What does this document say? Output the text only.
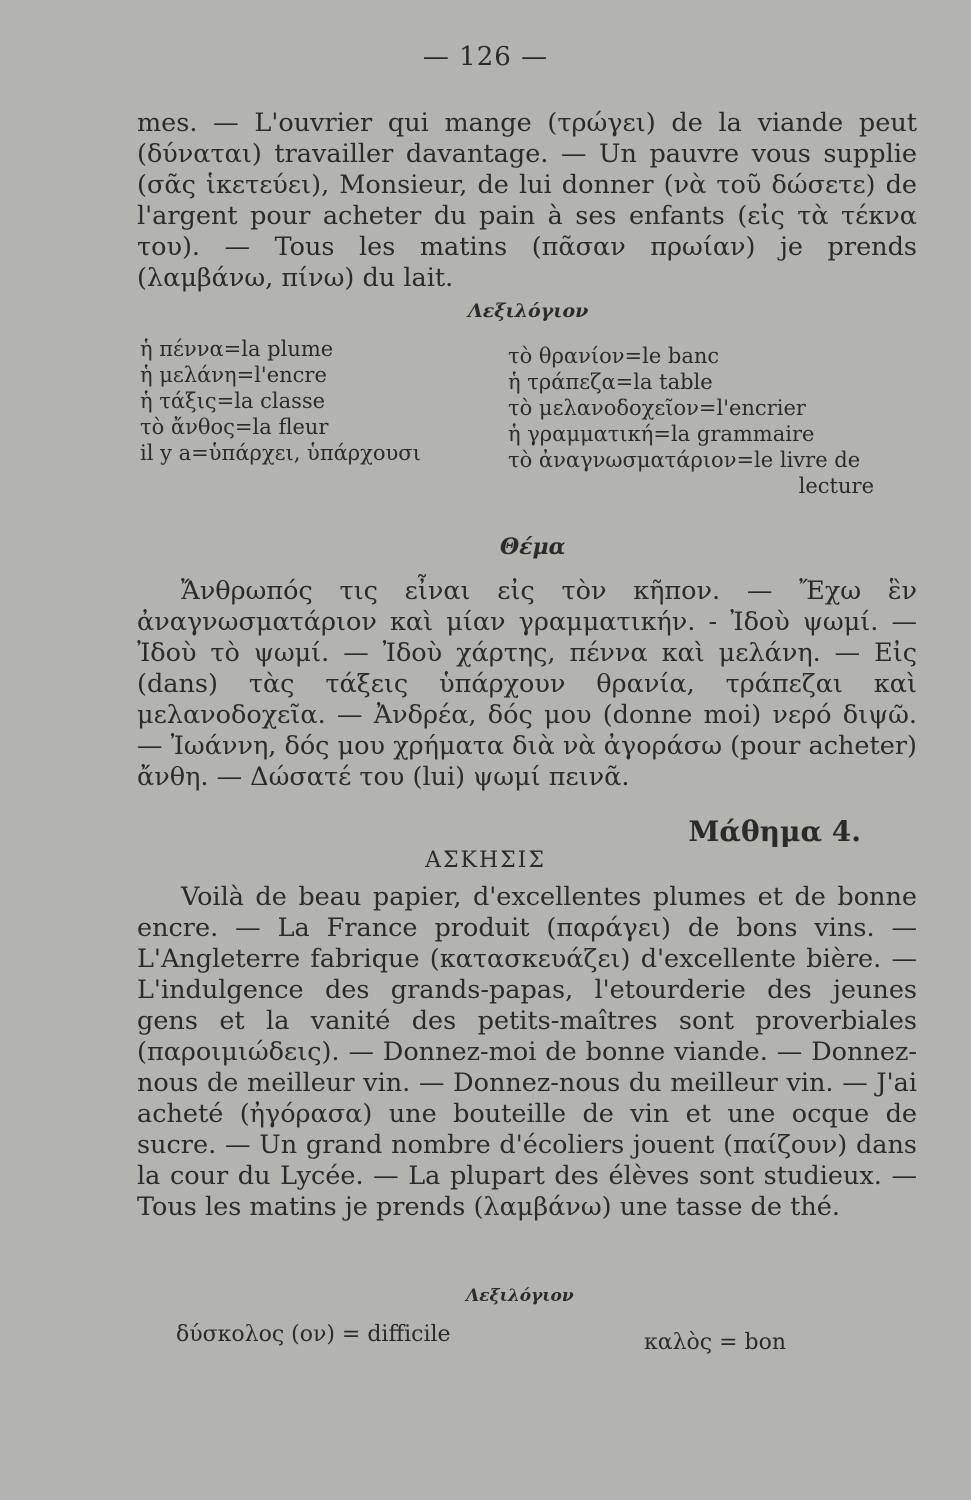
— 126 —

mes. — L'ouvrier qui mange (τρώγει) de la viande peut (δύναται) travailler davantage. — Un pauvre vous supplie (σᾶς ἱκετεύει), Monsieur, de lui donner (νὰ τοῦ δώσετε) de l'argent pour acheter du pain à ses enfants (εἰς τὰ τέκνα του). — Tous les matins (πᾶσαν πρωίαν) je prends (λαμβάνω, πίνω) du lait.

Λεξιλόγιον
ἡ πέννα=la plume
ἡ μελάνη=l'encre
ἡ τάξις=la classe
τὸ ἄνθος=la fleur
il y a=ὑπάρχει, ὑπάρχουσι
τὸ θρανίον=le banc
ἡ τράπεζα=la table
τὸ μελανοδοχεῖον=l'encrier
ἡ γραμματική=la grammaire
τὸ ἀναγνωσματάριον=le livre de
lecture
Θέμα

Ἄνθρωπός τις εἶναι εἰς τὸν κῆπον. — Ἔχω ἓν ἀναγνωσματάριον καὶ μίαν γραμματικήν. - Ἰδοὺ ψωμί. — Ἰδοὺ τὸ ψωμί. — Ἰδοὺ χάρτης, πέννα καὶ μελάνη. — Εἰς (dans) τὰς τάξεις ὑπάρχουν θρανία, τράπεζαι καὶ μελανοδοχεῖα. — Ἀνδρέα, δός μου (donne moi) νερό διψῶ. — Ἰωάννη, δός μου χρήματα διὰ νὰ ἀγοράσω (pour acheter) ἄνθη. — Δώσατέ του (lui) ψωμί πεινᾶ.

Μάθημα 4.
ΑΣΚΗΣΙΣ

Voilà de beau papier, d'excellentes plumes et de bonne encre. — La France produit (παράγει) de bons vins. — L'Angleterre fabrique (κατασκευάζει) d'excellente bière. — L'indulgence des grands-papas, l'etourderie des jeunes gens et la vanité des petits-maîtres sont proverbiales (παροιμιώδεις). — Donnez-moi de bonne viande. — Donnez-nous de meilleur vin. — Donnez-nous du meilleur vin. — J'ai acheté (ἠγόρασα) une bouteille de vin et une ocque de sucre. — Un grand nombre d'écoliers jouent (παίζουν) dans la cour du Lycée. — La plupart des élèves sont studieux. — Tous les matins je prends (λαμβάνω) une tasse de thé.

Λεξιλόγιον
δύσκολος (ον) = difficile	καλὸς = bon
